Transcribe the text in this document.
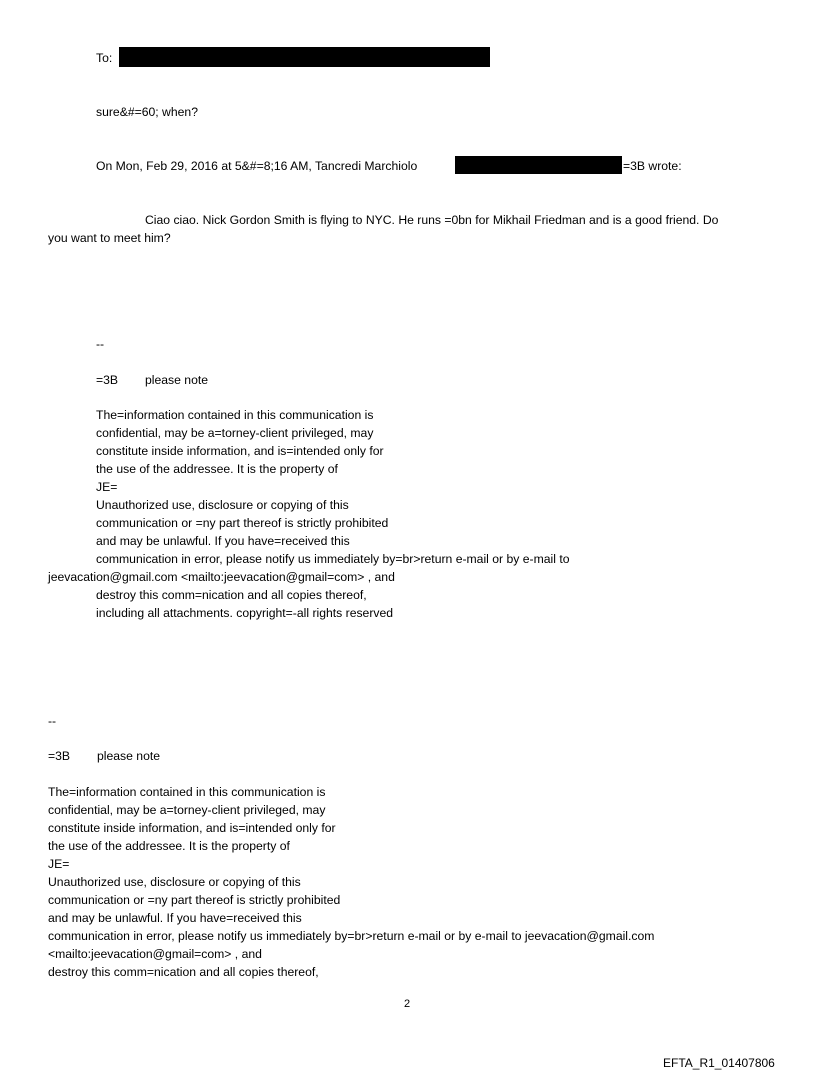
To:
sure&#=60; when?
On Mon, Feb 29, 2016 at 5&#=8;16 AM, Tancredi Marchiolo	=3B wrote:
Ciao ciao. Nick Gordon Smith is flying to NYC. He runs =0bn for Mikhail Friedman and is a good friend. Do
you want to meet him?
--
=3B please note
The=information contained in this communication is
confidential, may be a=torney-client privileged, may
constitute inside information, and is=intended only for
the use of the addressee. It is the property of
JE=
Unauthorized use, disclosure or copying of this
communication or =ny part thereof is strictly prohibited
and may be unlawful. If you have=received this
communication in error, please notify us immediately by=br>return e-mail or by e-mail to
jeevacation@gmail.com <mailto:jeevacation@gmail=com> , and
destroy this comm=nication and all copies thereof,
including all attachments. copyright=-all rights reserved
--
=3B please note
The=information contained in this communication is
confidential, may be a=torney-client privileged, may
constitute inside information, and is=intended only for
the use of the addressee. It is the property of
JE=
Unauthorized use, disclosure or copying of this
communication or =ny part thereof is strictly prohibited
and may be unlawful. If you have=received this
communication in error, please notify us immediately by=br>return e-mail or by e-mail to jeevacation@gmail.com
<mailto:jeevacation@gmail=com> , and
destroy this comm=nication and all copies thereof,
2
EFTA_R1_01407806
